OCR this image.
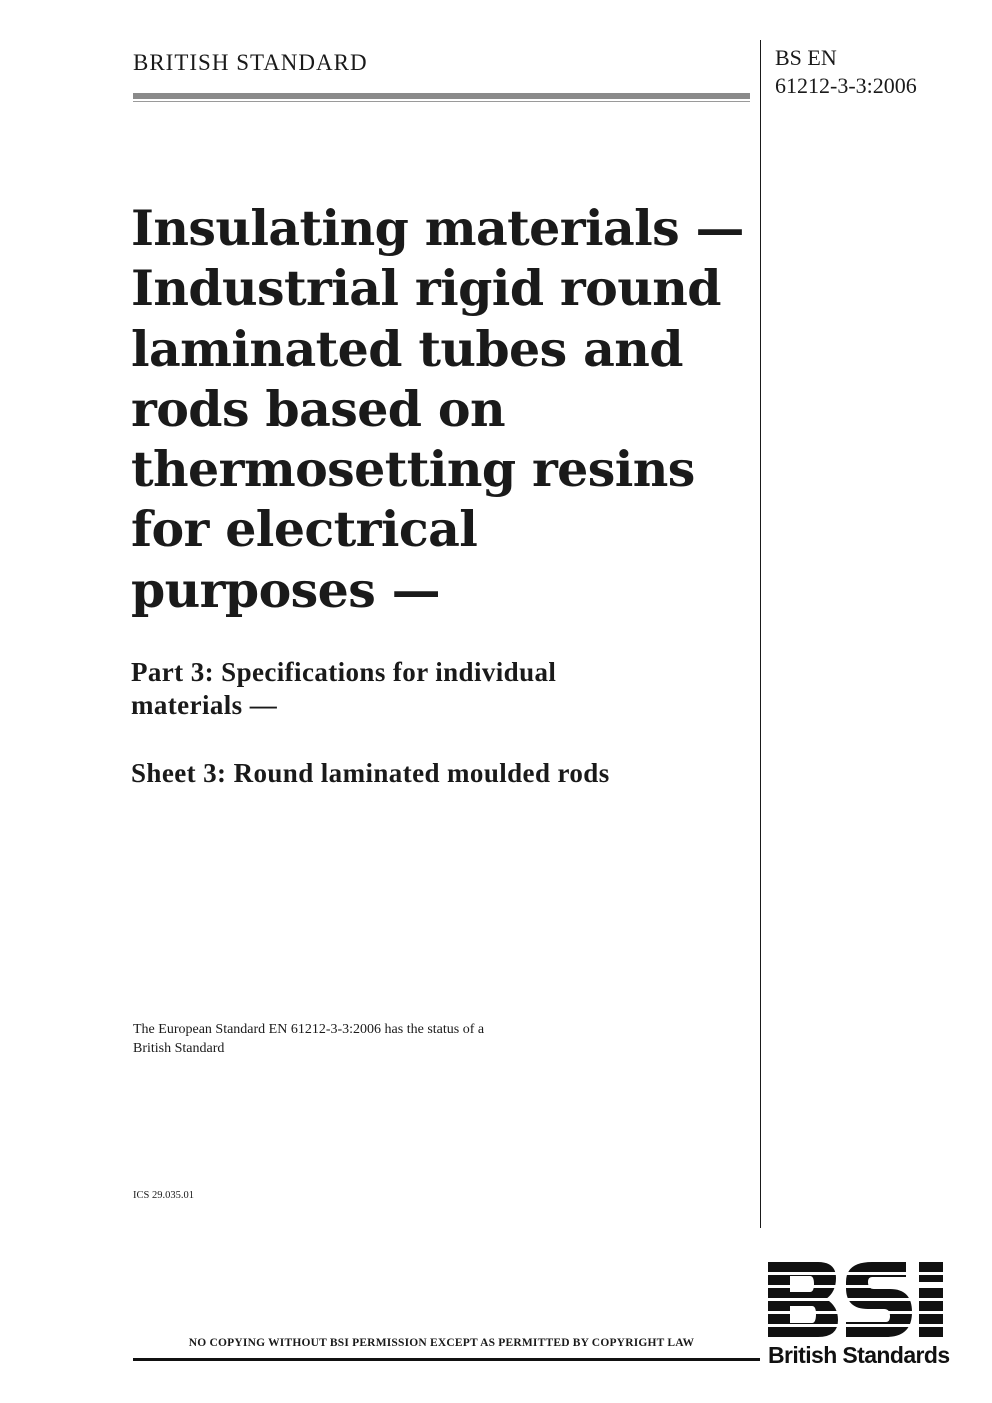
BRITISH STANDARD	BS EN
61212-3-3:2006
Insulating materials —
Industrial rigid round
laminated tubes and
rods based on
thermosetting resins
for electrical
purposes —
Part 3: Specifications for individual
materials —
Sheet 3: Round laminated moulded rods
The European Standard EN 61212-3-3:2006 has the status of a
British Standard
ICS 29.035.01
NO COPYING WITHOUT BSI PERMISSION EXCEPT AS PERMITTED BY COPYRIGHT LAW	British Standards
